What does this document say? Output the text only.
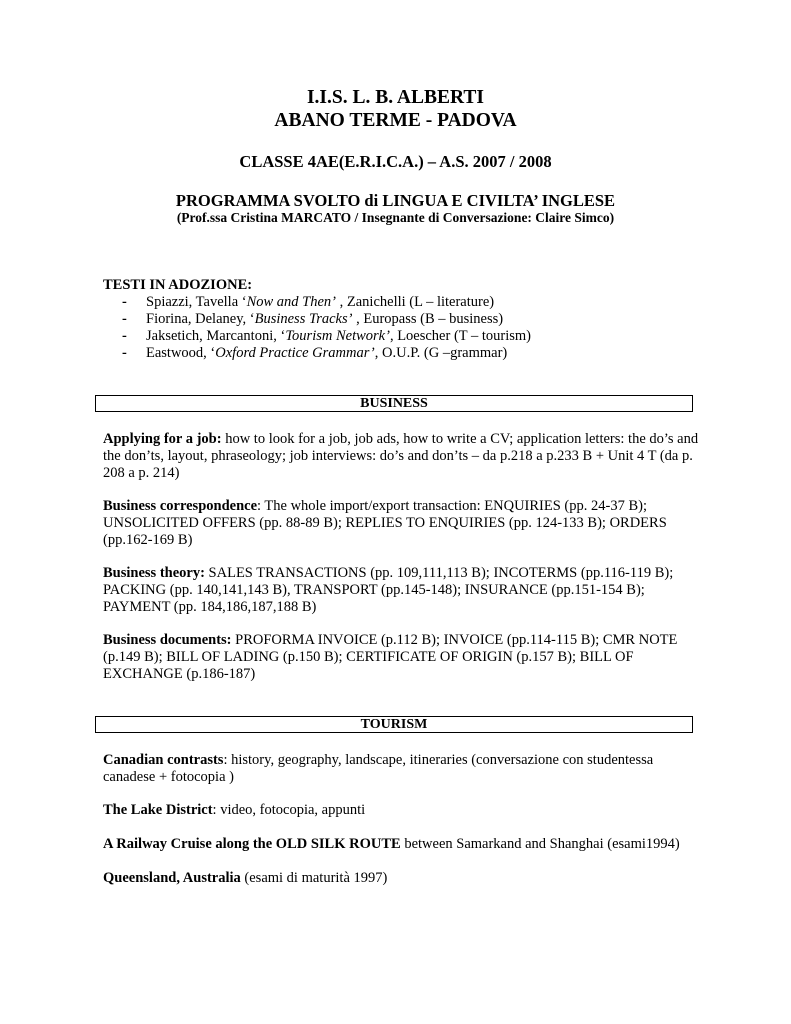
I.I.S. L. B. ALBERTI
ABANO TERME - PADOVA
CLASSE 4AE(E.R.I.C.A.) – A.S. 2007 / 2008
PROGRAMMA SVOLTO di LINGUA E CIVILTA’ INGLESE
(Prof.ssa Cristina MARCATO / Insegnante di Conversazione: Claire Simco)
TESTI IN ADOZIONE:
- Spiazzi, Tavella ‘Now and Then’ , Zanichelli (L – literature)
- Fiorina, Delaney, ‘Business Tracks’ , Europass (B – business)
- Jaksetich, Marcantoni, ‘Tourism Network’, Loescher (T – tourism)
- Eastwood, ‘Oxford Practice Grammar’, O.U.P. (G –grammar)
BUSINESS
Applying for a job: how to look for a job, job ads, how to write a CV; application letters: the do’s and the don’ts, layout, phraseology; job interviews: do’s and don’ts – da p.218 a p.233 B + Unit 4 T (da p. 208 a p. 214)
Business correspondence: The whole import/export transaction: ENQUIRIES (pp. 24-37 B); UNSOLICITED OFFERS (pp. 88-89 B); REPLIES TO ENQUIRIES (pp. 124-133 B); ORDERS (pp.162-169 B)
Business theory: SALES TRANSACTIONS (pp. 109,111,113 B); INCOTERMS (pp.116-119 B); PACKING (pp. 140,141,143 B), TRANSPORT (pp.145-148); INSURANCE (pp.151-154 B); PAYMENT (pp. 184,186,187,188 B)
Business documents: PROFORMA INVOICE (p.112 B); INVOICE (pp.114-115 B); CMR NOTE (p.149 B); BILL OF LADING (p.150 B); CERTIFICATE OF ORIGIN (p.157 B); BILL OF EXCHANGE (p.186-187)
TOURISM
Canadian contrasts: history, geography, landscape, itineraries (conversazione con studentessa canadese + fotocopia )
The Lake District: video, fotocopia, appunti
A Railway Cruise along the OLD SILK ROUTE between Samarkand and Shanghai (esami1994)
Queensland, Australia (esami di maturità 1997)
